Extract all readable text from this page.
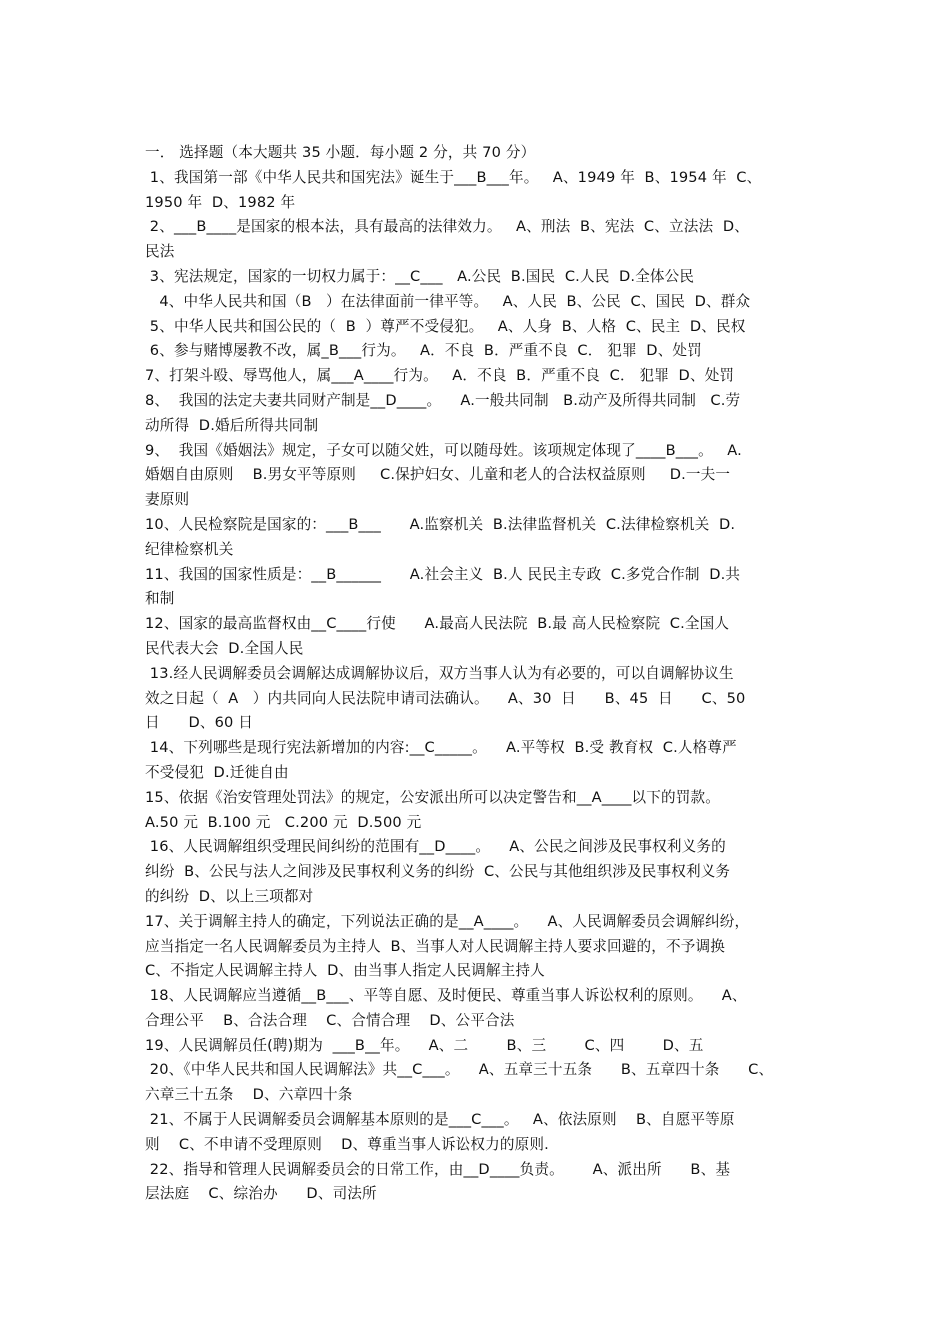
一． 选择题（本大题共 35 小题．每小题 2 分，共 70 分）

1、我国第一部《中华人民共和国宪法》诞生于___B___年。   A、1949 年  B、1954 年  C、

1950 年  D、1982 年

2、___B____是国家的根本法，具有最高的法律效力。   A、刑法  B、宪法  C、立法法  D、

民法

3、宪法规定，国家的一切权力属于：__C___   A.公民  B.国民  C.人民  D.全体公民

4、中华人民共和国（B   ）在法律面前一律平等。   A、人民  B、公民  C、国民  D、群众

5、中华人民共和国公民的（  B  ）尊严不受侵犯。   A、人身  B、人格  C、民主  D、民权

6、参与赌博屡教不改，属_B___行为。   A．不良  B．严重不良  C． 犯罪  D、处罚

7、打架斗殴、辱骂他人，属___A____行为。   A．不良  B．严重不良  C． 犯罪  D、处罚

8、  我国的法定夫妻共同财产制是__D____。    A.一般共同制   B.动产及所得共同制   C.劳

动所得  D.婚后所得共同制

9、  我国《婚姻法》规定，子女可以随父姓，可以随母姓。该项规定体现了____B___。   A.

婚姻自由原则    B.男女平等原则     C.保护妇女、儿童和老人的合法权益原则     D.一夫一

妻原则

10、人民检察院是国家的：___B___      A.监察机关  B.法律监督机关  C.法律检察机关  D.

纪律检察机关

11、我国的国家性质是：__B______      A.社会主义  B.人 民民主专政  C.多党合作制  D.共

和制

12、国家的最高监督权由__C____行使      A.最高人民法院  B.最 高人民检察院  C.全国人

民代表大会  D.全国人民

13.经人民调解委员会调解达成调解协议后，双方当事人认为有必要的，可以自调解协议生

效之日起（  A   ）内共同向人民法院申请司法确认。    A、30  日      B、45  日      C、50

日      D、60 日

14、下列哪些是现行宪法新增加的内容:__C_____。    A.平等权  B.受 教育权  C.人格尊严

不受侵犯  D.迁徙自由

15、依据《治安管理处罚法》的规定，公安派出所可以决定警告和__A____以下的罚款。

A.50 元  B.100 元   C.200 元  D.500 元

16、人民调解组织受理民间纠纷的范围有__D____。    A、公民之间涉及民事权利义务的

纠纷  B、公民与法人之间涉及民事权利义务的纠纷  C、公民与其他组织涉及民事权利义务

的纠纷  D、以上三项都对

17、关于调解主持人的确定，下列说法正确的是__A____。    A、人民调解委员会调解纠纷，

应当指定一名人民调解委员为主持人  B、当事人对人民调解主持人要求回避的，不予调换

C、不指定人民调解主持人  D、由当事人指定人民调解主持人

18、人民调解应当遵循__B___、平等自愿、及时便民、尊重当事人诉讼权利的原则。    A、

合理公平    B、合法合理    C、合情合理    D、公平合法

19、人民调解员任(聘)期为  ___B__年。    A、二        B、三        C、四        D、五

20、《中华人民共和国人民调解法》共__C___。    A、五章三十五条      B、五章四十条      C、

六章三十五条    D、六章四十条

21、不属于人民调解委员会调解基本原则的是___C___。   A、依法原则    B、自愿平等原

则    C、不申请不受理原则    D、尊重当事人诉讼权力的原则.

22、指导和管理人民调解委员会的日常工作，由__D____负责。      A、派出所      B、基

层法庭    C、综治办      D、司法所
